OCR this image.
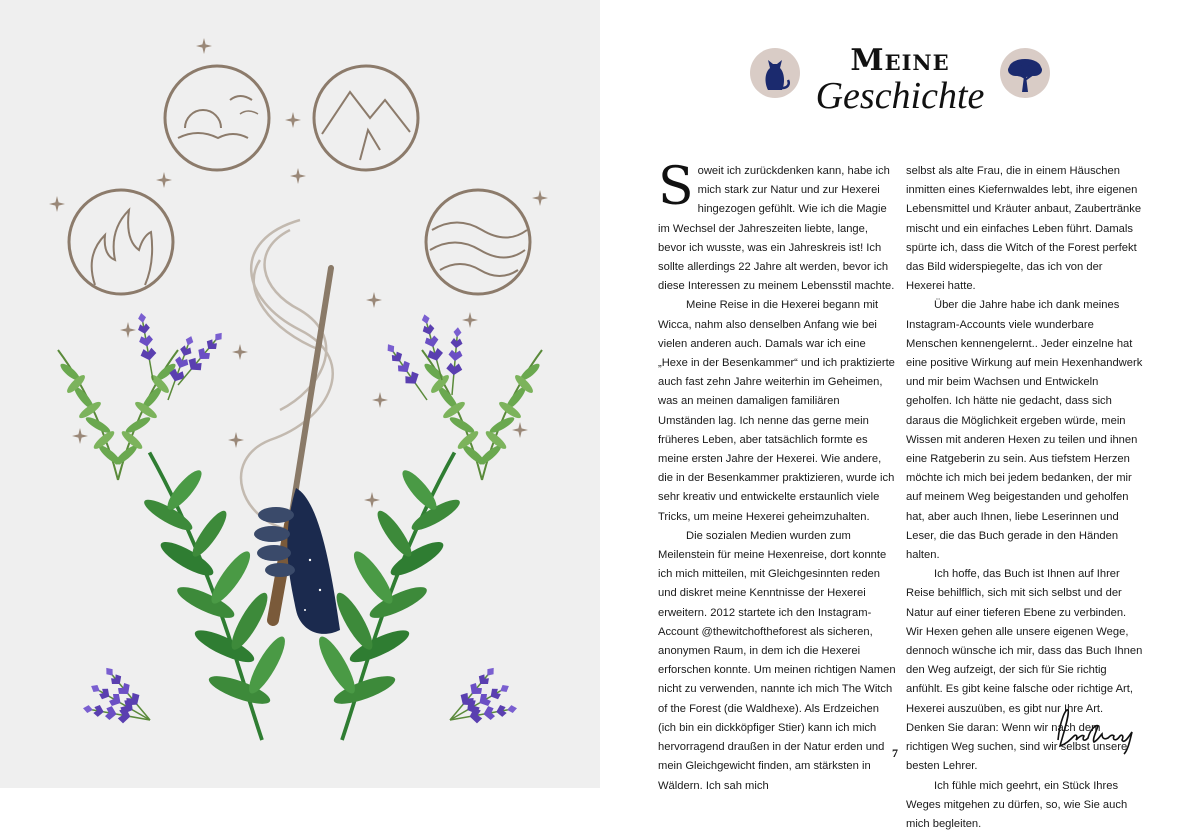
Meine
Geschichte

Soweit ich zurückdenken kann, habe ich mich stark zur Natur und zur Hexerei hingezogen gefühlt. Wie ich die Magie im Wechsel der Jahreszeiten liebte, lange, bevor ich wusste, was ein Jahreskreis ist! Ich sollte allerdings 22 Jahre alt werden, bevor ich diese Interessen zu meinem Lebensstil machte.

Meine Reise in die Hexerei begann mit Wicca, nahm also denselben Anfang wie bei vielen anderen auch. Damals war ich eine „Hexe in der Besenkammer“ und ich praktizierte auch fast zehn Jahre weiterhin im Geheimen, was an meinen damaligen familiären Umständen lag. Ich nenne das gerne mein früheres Leben, aber tatsächlich formte es meine ersten Jahre der Hexerei. Wie andere, die in der Besenkammer praktizieren, wurde ich sehr kreativ und entwickelte erstaunlich viele Tricks, um meine Hexerei geheimzuhalten.

Die sozialen Medien wurden zum Meilenstein für meine Hexenreise, dort konnte ich mich mitteilen, mit Gleichgesinnten reden und diskret meine Kenntnisse der Hexerei erweitern. 2012 startete ich den Instagram-Account @thewitchoftheforest als sicheren, anonymen Raum, in dem ich die Hexerei erforschen konnte. Um meinen richtigen Namen nicht zu verwenden, nannte ich mich The Witch of the Forest (die Waldhexe). Als Erdzeichen (ich bin ein dickköpfiger Stier) kann ich mich hervorragend draußen in der Natur erden und mein Gleichgewicht finden, am stärksten in Wäldern. Ich sah mich

selbst als alte Frau, die in einem Häuschen inmitten eines Kiefernwaldes lebt, ihre eigenen Lebensmittel und Kräuter anbaut, Zaubertränke mischt und ein einfaches Leben führt. Damals spürte ich, dass die Witch of the Forest perfekt das Bild widerspiegelte, das ich von der Hexerei hatte.

Über die Jahre habe ich dank meines Instagram-Accounts viele wunderbare Menschen kennengelernt.. Jeder einzelne hat eine positive Wirkung auf mein Hexenhandwerk und mir beim Wachsen und Entwickeln geholfen. Ich hätte nie gedacht, dass sich daraus die Möglichkeit ergeben würde, mein Wissen mit anderen Hexen zu teilen und ihnen eine Ratgeberin zu sein. Aus tiefstem Herzen möchte ich mich bei jedem bedanken, der mir auf meinem Weg beigestanden und geholfen hat, aber auch Ihnen, liebe Leserinnen und Leser, die das Buch gerade in den Händen halten.

Ich hoffe, das Buch ist Ihnen auf Ihrer Reise behilflich, sich mit sich selbst und der Natur auf einer tieferen Ebene zu verbinden. Wir Hexen gehen alle unsere eigenen Wege, dennoch wünsche ich mir, dass das Buch Ihnen den Weg aufzeigt, der sich für Sie richtig anfühlt. Es gibt keine falsche oder richtige Art, Hexerei auszuüben, es gibt nur Ihre Art. Denken Sie daran: Wenn wir nach dem richtigen Weg suchen, sind wir selbst unsere besten Lehrer.

Ich fühle mich geehrt, ein Stück Ihres Weges mitgehen zu dürfen, so, wie Sie auch mich begleiten.

7
